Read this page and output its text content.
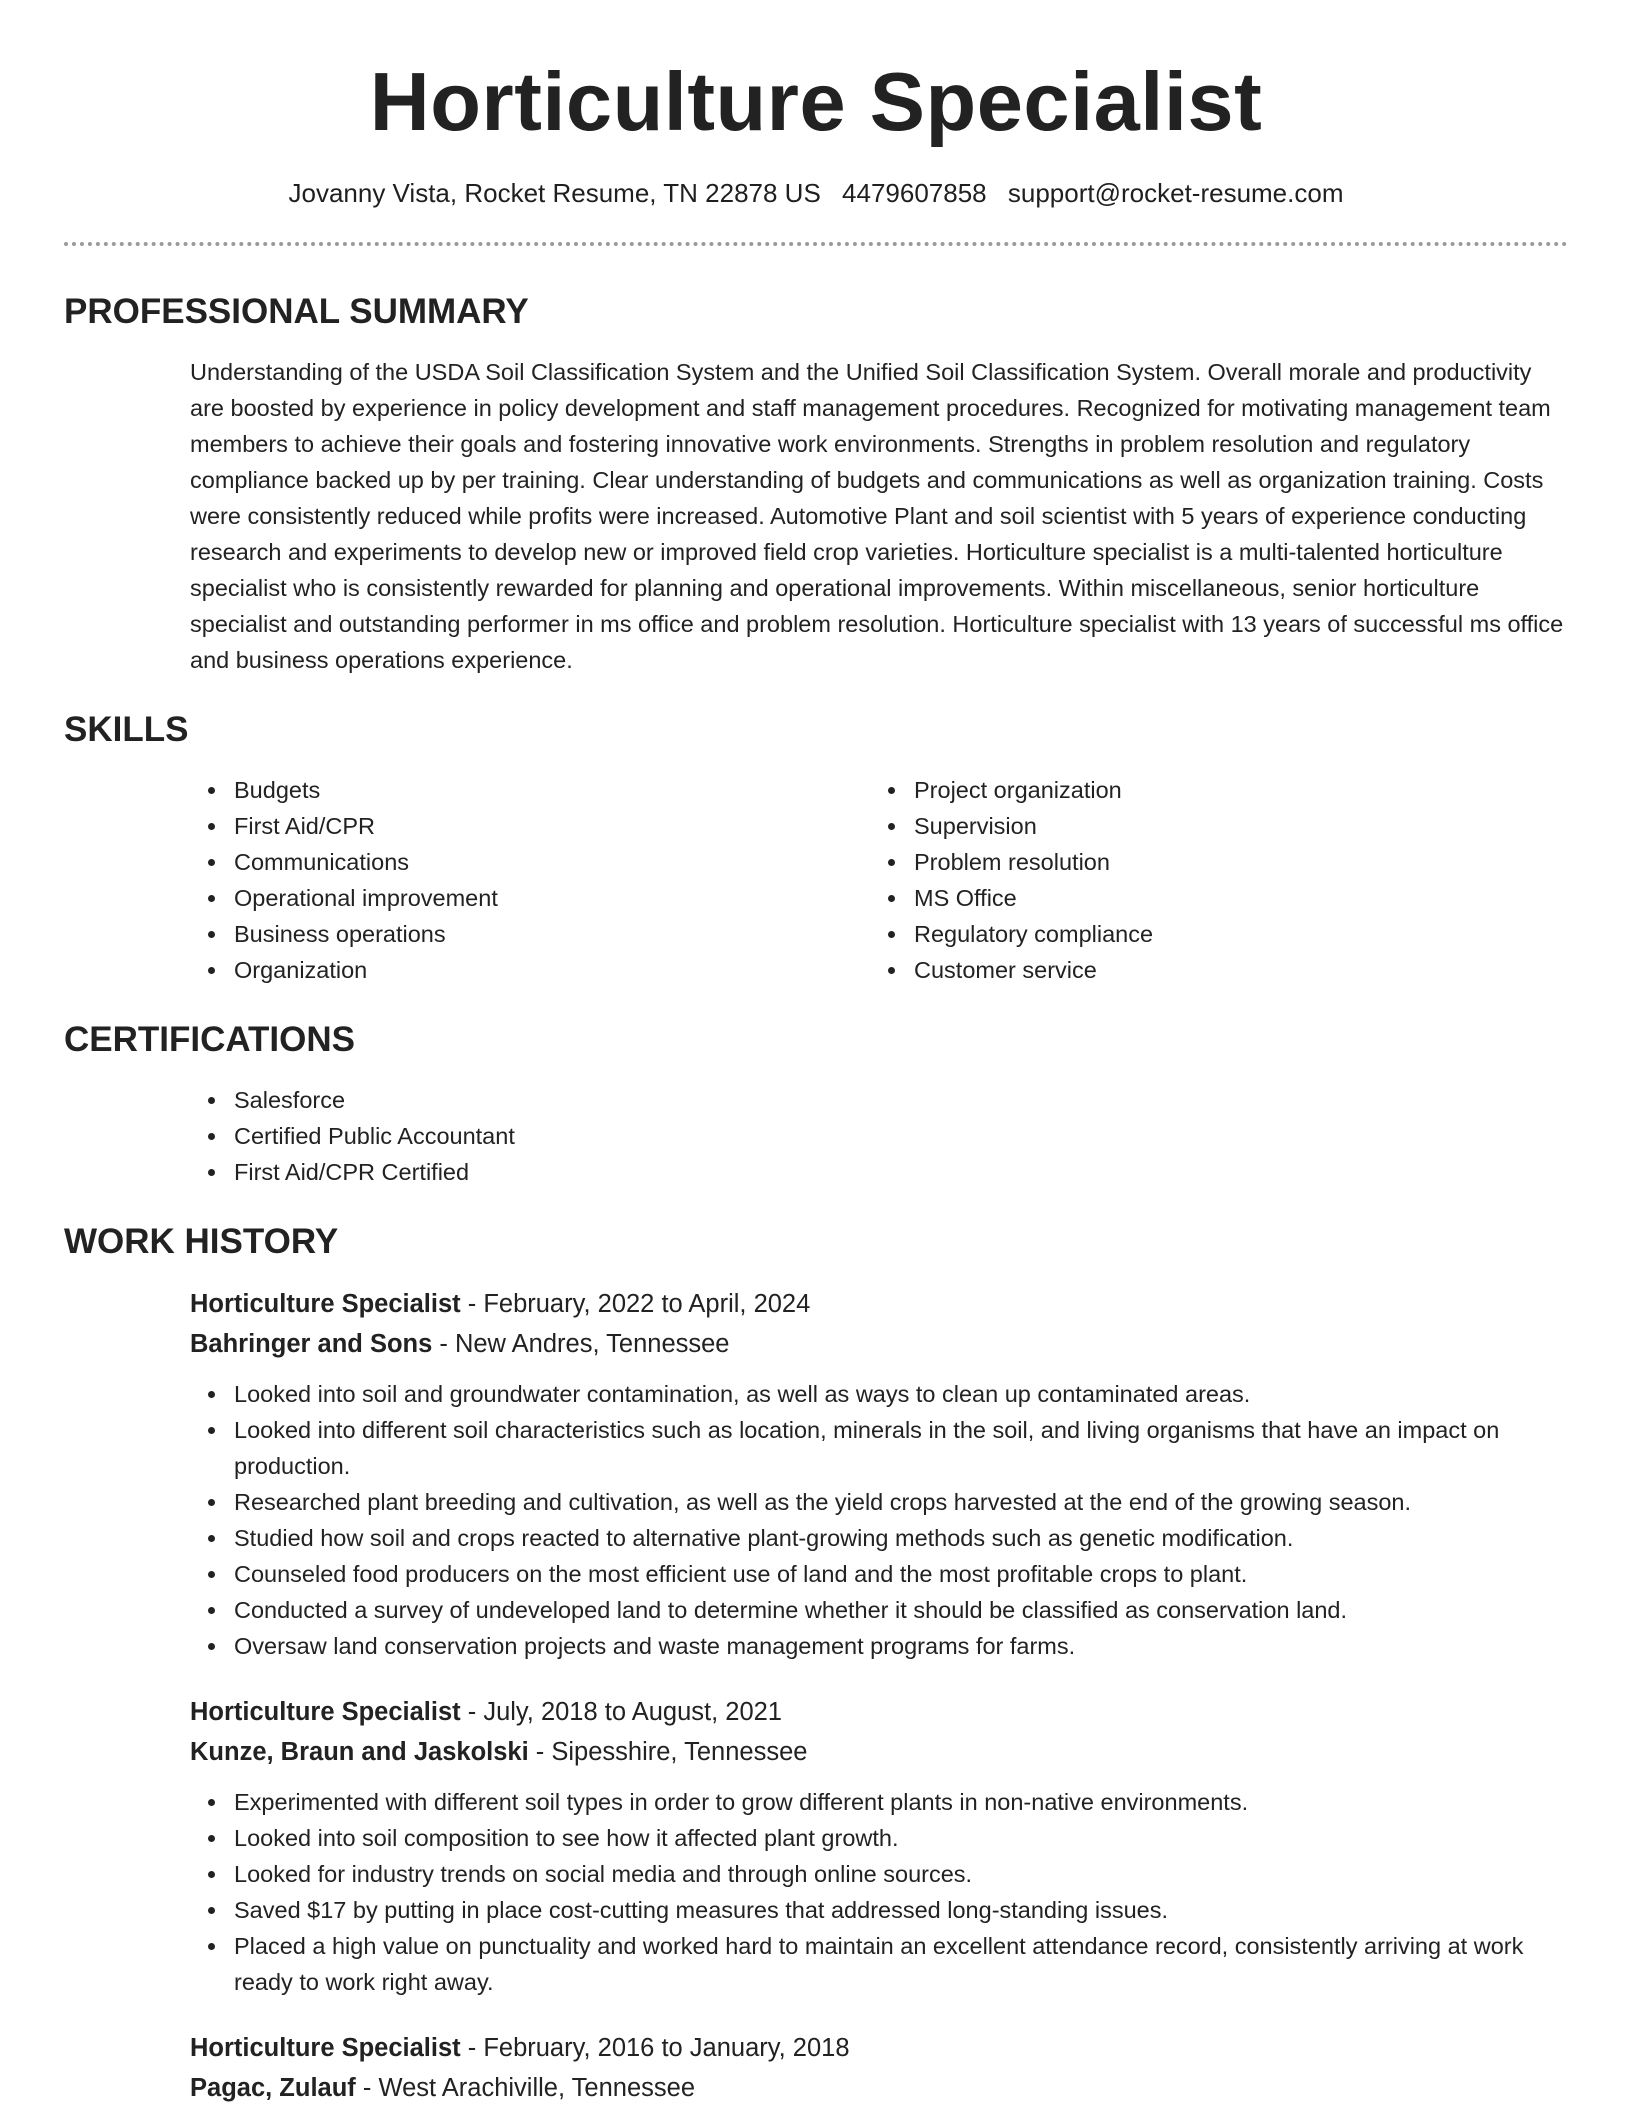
Horticulture Specialist
Jovanny Vista, Rocket Resume, TN 22878 US 4479607858 support@rocket-resume.com
PROFESSIONAL SUMMARY

Understanding of the USDA Soil Classification System and the Unified Soil Classification System. Overall morale and productivity are boosted by experience in policy development and staff management procedures. Recognized for motivating management team members to achieve their goals and fostering innovative work environments. Strengths in problem resolution and regulatory compliance backed up by per training. Clear understanding of budgets and communications as well as organization training. Costs were consistently reduced while profits were increased. Automotive Plant and soil scientist with 5 years of experience conducting research and experiments to develop new or improved field crop varieties. Horticulture specialist is a multi-talented horticulture specialist who is consistently rewarded for planning and operational improvements. Within miscellaneous, senior horticulture specialist and outstanding performer in ms office and problem resolution. Horticulture specialist with 13 years of successful ms office and business operations experience.

SKILLS
Budgets
First Aid/CPR
Communications
Operational improvement
Business operations
Organization
Project organization
Supervision
Problem resolution
MS Office
Regulatory compliance
Customer service
CERTIFICATIONS
Salesforce
Certified Public Accountant
First Aid/CPR Certified
WORK HISTORY
Horticulture Specialist - February, 2022 to April, 2024
Bahringer and Sons - New Andres, Tennessee
Looked into soil and groundwater contamination, as well as ways to clean up contaminated areas.
Looked into different soil characteristics such as location, minerals in the soil, and living organisms that have an impact on production.
Researched plant breeding and cultivation, as well as the yield crops harvested at the end of the growing season.
Studied how soil and crops reacted to alternative plant-growing methods such as genetic modification.
Counseled food producers on the most efficient use of land and the most profitable crops to plant.
Conducted a survey of undeveloped land to determine whether it should be classified as conservation land.
Oversaw land conservation projects and waste management programs for farms.
Horticulture Specialist - July, 2018 to August, 2021
Kunze, Braun and Jaskolski - Sipesshire, Tennessee
Experimented with different soil types in order to grow different plants in non-native environments.
Looked into soil composition to see how it affected plant growth.
Looked for industry trends on social media and through online sources.
Saved $17 by putting in place cost-cutting measures that addressed long-standing issues.
Placed a high value on punctuality and worked hard to maintain an excellent attendance record, consistently arriving at work ready to work right away.
Horticulture Specialist - February, 2016 to January, 2018
Pagac, Zulauf - West Arachiville, Tennessee
